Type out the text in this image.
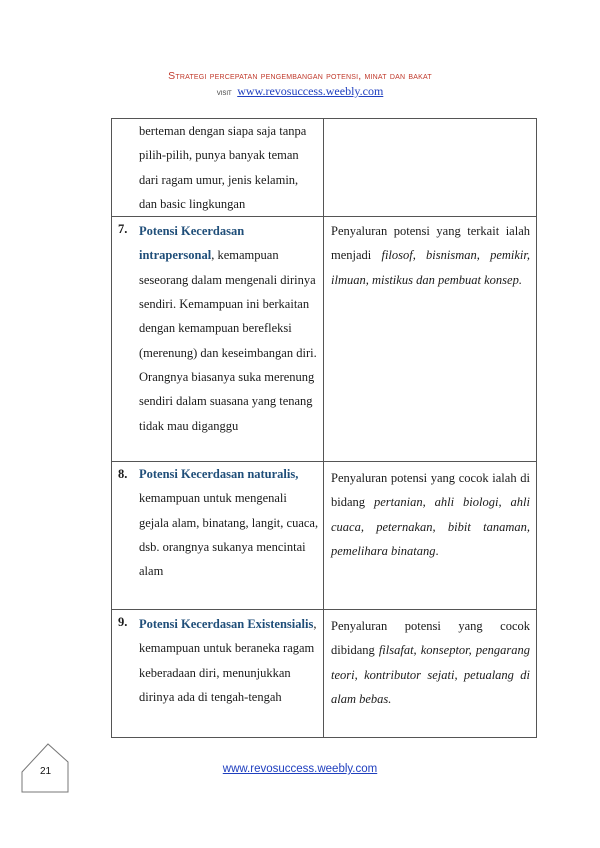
Strategi percepatan pengembangan potensi, minat dan bakat
visit www.revosuccess.weebly.com
berteman dengan siapa saja tanpa pilih-pilih, punya banyak teman dari ragam umur, jenis kelamin, dan basic lingkungan	

7. Potensi Kecerdasan intrapersonal, kemampuan seseorang dalam mengenali dirinya sendiri. Kemampuan ini berkaitan dengan kemampuan berefleksi (merenung) dan keseimbangan diri. Orangnya biasanya suka merenung sendiri dalam suasana yang tenang tidak mau diganggu	Penyaluran potensi yang terkait ialah menjadi filosof, bisnisman, pemikir, ilmuan, mistikus dan pembuat konsep.

8. Potensi Kecerdasan naturalis, kemampuan untuk mengenali gejala alam, binatang, langit, cuaca, dsb. orangnya sukanya mencintai alam	Penyaluran potensi yang cocok ialah di bidang pertanian, ahli biologi, ahli cuaca, peternakan, bibit tanaman, pemelihara binatang.

9. Potensi Kecerdasan Existensialis, kemampuan untuk beraneka ragam keberadaan diri, menunjukkan dirinya ada di tengah-tengah	Penyaluran potensi yang cocok dibidang filsafat, konseptor, pengarang teori, kontributor sejati, petualang di alam bebas.
21	www.revosuccess.weebly.com
